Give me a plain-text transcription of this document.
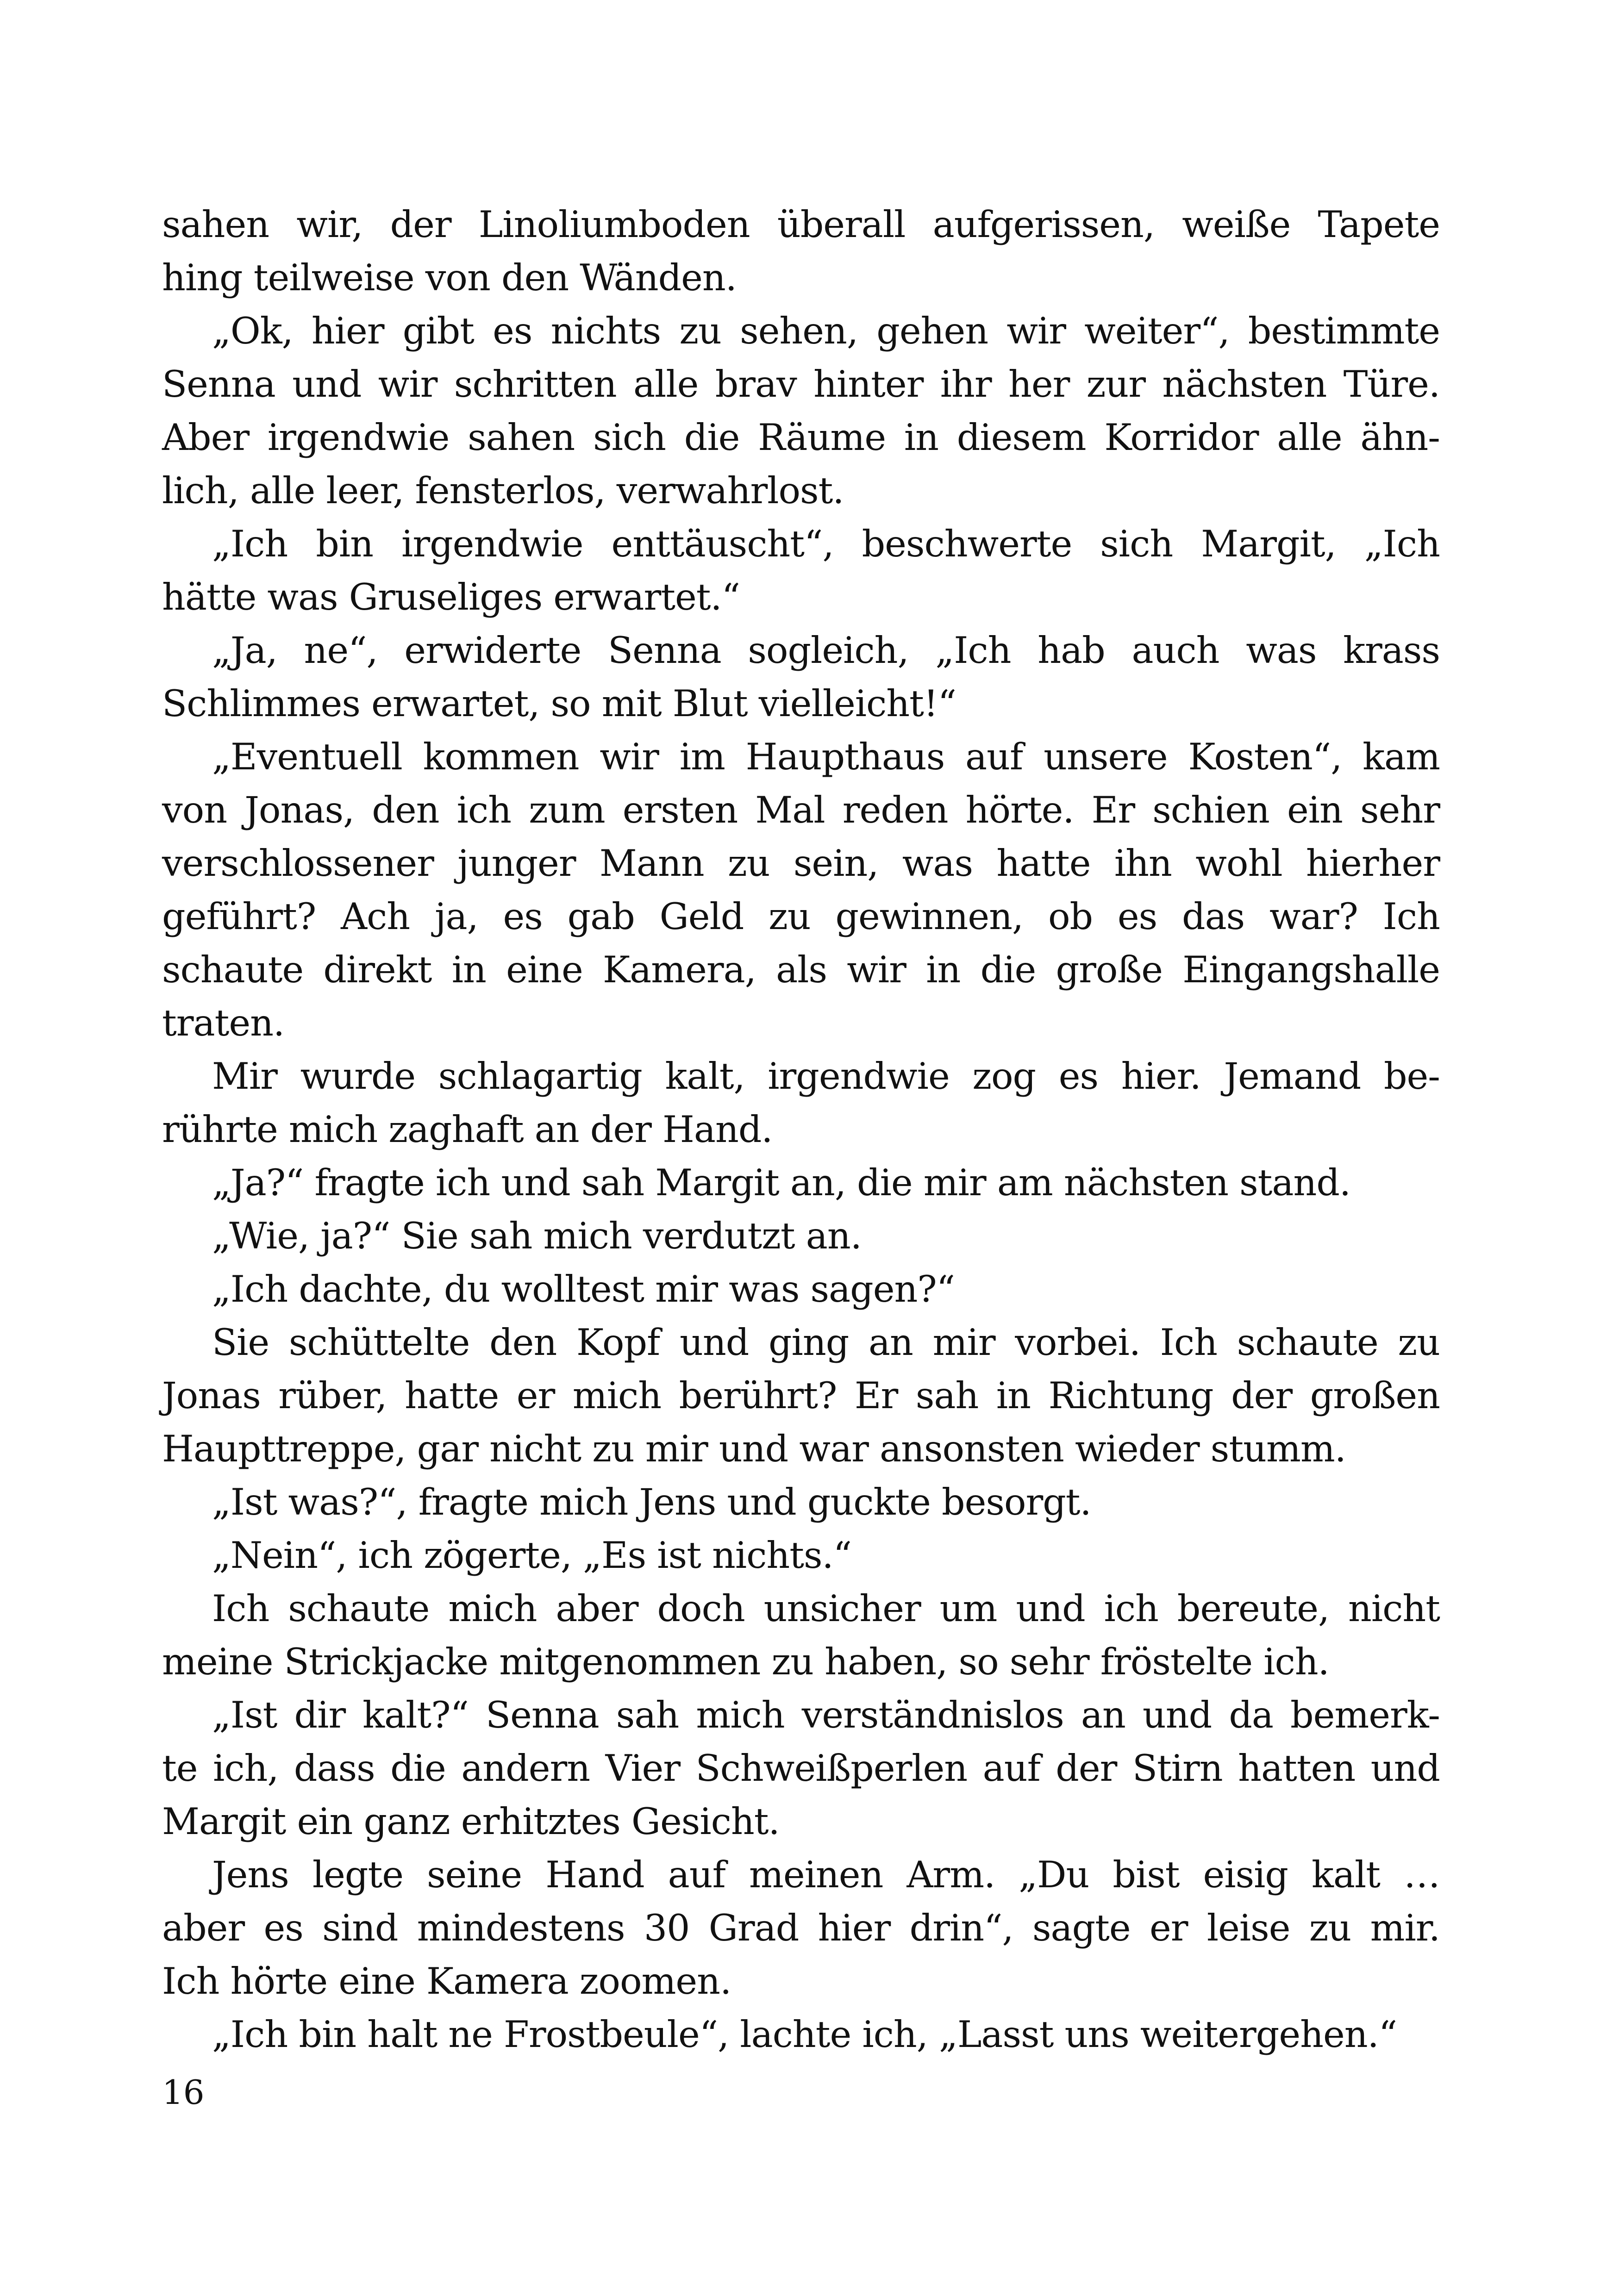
sahen wir, der Linoliumboden überall aufgerissen, weiße Tapete
hing teilweise von den Wänden.
„Ok, hier gibt es nichts zu sehen, gehen wir weiter“, bestimmte
Senna und wir schritten alle brav hinter ihr her zur nächsten Türe.
Aber irgendwie sahen sich die Räume in diesem Korridor alle ähn-
lich, alle leer, fensterlos, verwahrlost.
„Ich bin irgendwie enttäuscht“, beschwerte sich Margit, „Ich
hätte was Gruseliges erwartet.“
„Ja, ne“, erwiderte Senna sogleich, „Ich hab auch was krass
Schlimmes erwartet, so mit Blut vielleicht!“
„Eventuell kommen wir im Haupthaus auf unsere Kosten“, kam
von Jonas, den ich zum ersten Mal reden hörte. Er schien ein sehr
verschlossener junger Mann zu sein, was hatte ihn wohl hierher
geführt? Ach ja, es gab Geld zu gewinnen, ob es das war? Ich
schaute direkt in eine Kamera, als wir in die große Eingangshalle
traten.
Mir wurde schlagartig kalt, irgendwie zog es hier. Jemand be-
rührte mich zaghaft an der Hand.
„Ja?“ fragte ich und sah Margit an, die mir am nächsten stand.
„Wie, ja?“ Sie sah mich verdutzt an.
„Ich dachte, du wolltest mir was sagen?“
Sie schüttelte den Kopf und ging an mir vorbei. Ich schaute zu
Jonas rüber, hatte er mich berührt? Er sah in Richtung der großen
Haupttreppe, gar nicht zu mir und war ansonsten wieder stumm.
„Ist was?“, fragte mich Jens und guckte besorgt.
„Nein“, ich zögerte, „Es ist nichts.“
Ich schaute mich aber doch unsicher um und ich bereute, nicht
meine Strickjacke mitgenommen zu haben, so sehr fröstelte ich.
„Ist dir kalt?“ Senna sah mich verständnislos an und da bemerk-
te ich, dass die andern Vier Schweißperlen auf der Stirn hatten und
Margit ein ganz erhitztes Gesicht.
Jens legte seine Hand auf meinen Arm. „Du bist eisig kalt …
aber es sind mindestens 30 Grad hier drin“, sagte er leise zu mir.
Ich hörte eine Kamera zoomen.
„Ich bin halt ne Frostbeule“, lachte ich, „Lasst uns weitergehen.“
16
